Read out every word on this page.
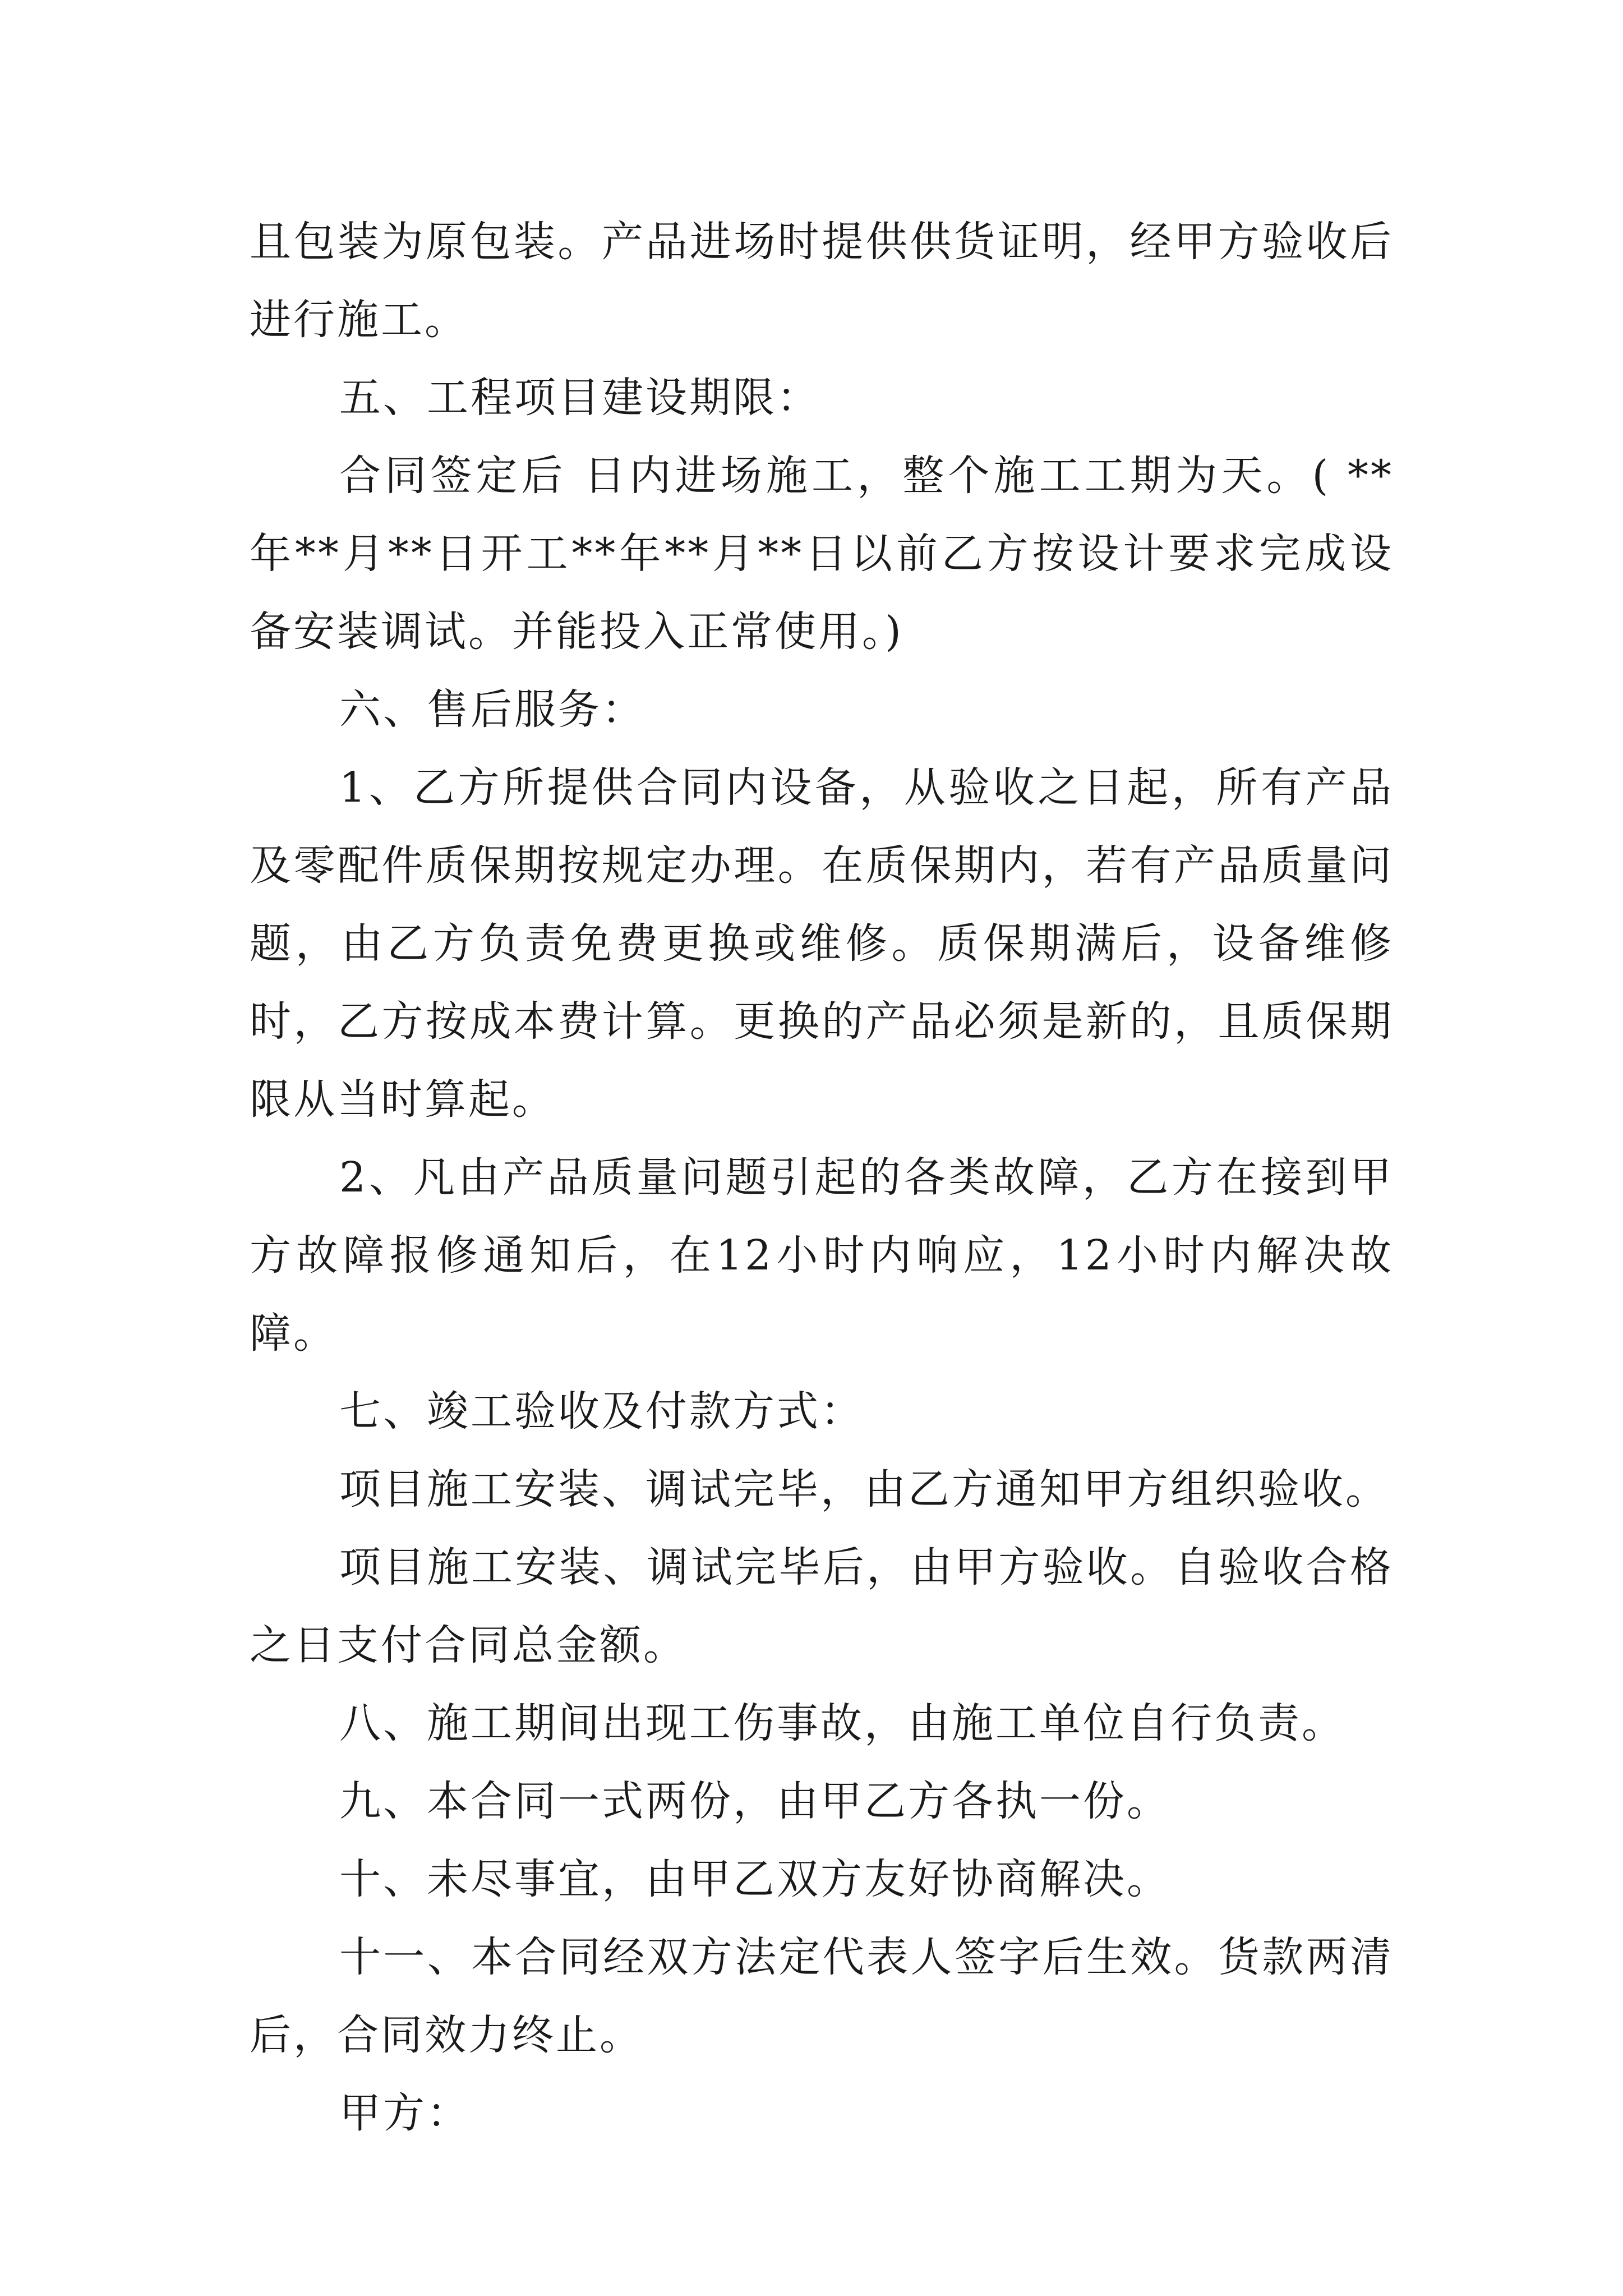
且包装为原包装。产品进场时提供供货证明，经甲方验收后进行施工。

五、工程项目建设期限：

合同签定后 日内进场施工，整个施工工期为天。( **年**月**日开工**年**月**日以前乙方按设计要求完成设备安装调试。并能投入正常使用。)

六、售后服务：

1、乙方所提供合同内设备，从验收之日起，所有产品及零配件质保期按规定办理。在质保期内，若有产品质量问题，由乙方负责免费更换或维修。质保期满后，设备维修时，乙方按成本费计算。更换的产品必须是新的，且质保期限从当时算起。

2、凡由产品质量问题引起的各类故障，乙方在接到甲方故障报修通知后，在12小时内响应，12小时内解决故障。

七、竣工验收及付款方式：

项目施工安装、调试完毕，由乙方通知甲方组织验收。

项目施工安装、调试完毕后，由甲方验收。自验收合格之日支付合同总金额。

八、施工期间出现工伤事故，由施工单位自行负责。

九、本合同一式两份，由甲乙方各执一份。

十、未尽事宜，由甲乙双方友好协商解决。

十一、本合同经双方法定代表人签字后生效。货款两清后，合同效力终止。

甲方：
